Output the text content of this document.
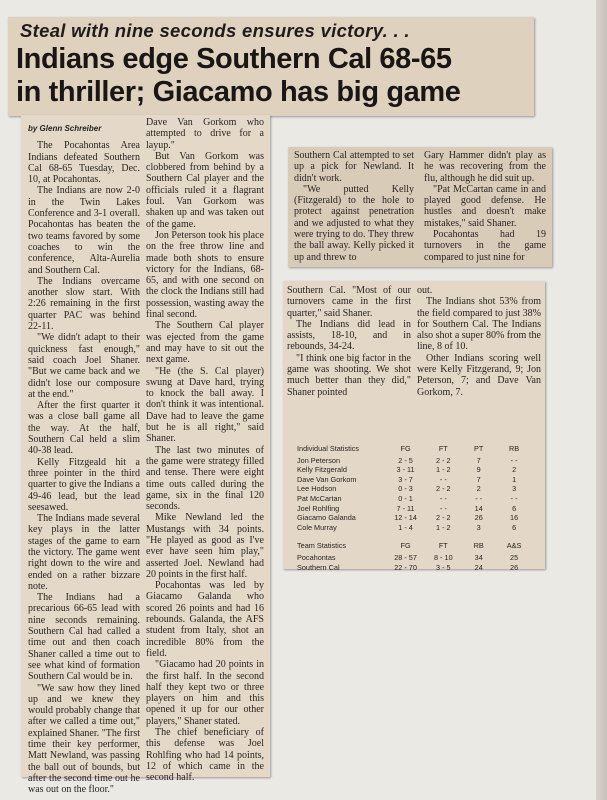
Steal with nine seconds ensures victory. . .
Indians edge Southern Cal 68-65
in thriller; Giacamo has big game

by Glenn Schreiber

The Pocahontas Area Indians defeated Southern Cal 68-65 Tuesday, Dec. 10, at Pocahontas.

The Indians are now 2-0 in the Twin Lakes Conference and 3-1 overall. Pocahontas has beaten the two teams favored by some coaches to win the conference, Alta-Aurelia and Southern Cal.

The Indians overcame another slow start. With 2:26 remaining in the first quarter PAC was behind 22-11.

"We didn't adapt to their quickness fast enough," said coach Joel Shaner. "But we came back and we didn't lose our composure at the end."

After the first quarter it was a close ball game all the way. At the half, Southern Cal held a slim 40-38 lead.

Kelly Fitzgeald hit a three pointer in the third quarter to give the Indians a 49-46 lead, but the lead seesawed.

The Indians made several key plays in the latter stages of the game to earn the victory. The game went right down to the wire and ended on a rather bizzare note.

The Indians had a precarious 66-65 lead with nine seconds remaining. Southern Cal had called a time out and then coach Shaner called a time out to see what kind of formation Southern Cal would be in.

"We saw how they lined up and we knew they would probably change that after we called a time out," explained Shaner. "The first time their key performer, Matt Newland, was passing the ball out of bounds, but after the second time out he was out on the floor."

Dave Van Gorkom who attempted to drive for a layup."

But Van Gorkom was clobbered from behind by a Southern Cal player and the officials ruled it a flagrant foul. Van Gorkom was shaken up and was taken out of the game.

Jon Peterson took his place on the free throw line and made both shots to ensure victory for the Indians, 68-65, and with one second on the clock the Indians still had possession, wasting away the final second.

The Southern Cal player was ejected from the game and may have to sit out the next game.

"He (the S. Cal player) swung at Dave hard, trying to knock the ball away. I don't think it was intentional. Dave had to leave the game but he is all right," said Shaner.

The last two minutes of the game were strategy filled and tense. There were eight time outs called during the game, six in the final 120 seconds.

Mike Newland led the Mustangs with 34 points. "He played as good as I've ever have seen him play," asserted Joel. Newland had 20 points in the first half.

Pocahontas was led by Giacamo Galanda who scored 26 points and had 16 rebounds. Galanda, the AFS student from Italy, shot an incredible 80% from the field.

"Giacamo had 20 points in the first half. In the second half they kept two or three players on him and this opened it up for our other players," Shaner stated.

The chief beneficiary of this defense was Joel Rohlfing who had 14 points, 12 of which came in the second half.

Southern Cal attempted to set up a pick for Newland. It didn't work.

"We putted Kelly (Fitzgerald) to the hole to protect against penetration and we adjusted to what they were trying to do. They threw the ball away. Kelly picked it up and threw to

Gary Hammer didn't play as he was recovering from the flu, although he did suit up.

"Pat McCartan came in and played good defense. He hustles and doesn't make mistakes," said Shaner.

Pocahontas had 19 turnovers in the game compared to just nine for

Southern Cal. "Most of our turnovers came in the first quarter," said Shaner.

The Indians did lead in assists, 18-10, and in rebounds, 34-24.

"I think one big factor in the game was shooting. We shot much better than they did," Shaner pointed

out.

The Indians shot 53% from the field compared to just 38% for Southern Cal. The Indians also shot a super 80% from the line, 8 of 10.

Other Indians scoring well were Kelly Fitzgerand, 9; Jon Peterson, 7; and Dave Van Gorkom, 7.

Individual Statistics	FG	FT	PT	RB
Jon Peterson	2 - 5	2 - 2	7	- -
Kelly Fitzgerald	3 - 11	1 - 2	9	2
Dave Van Gorkom	3 - 7	- -	7	1
Lee Hodson	0 - 3	2 - 2	2	3
Pat McCartan	0 - 1	- -	- -	- -
Joel Rohlfing	7 - 11	- -	14	6
Giacamo Galanda	12 - 14	2 - 2	26	16
Cole Murray	1 - 4	1 - 2	3	6

Team Statistics	FG	FT	RB	A&S
Pocahontas	28 - 57	8 - 10	34	25
Southern Cal	22 - 70	3 - 5	24	26
